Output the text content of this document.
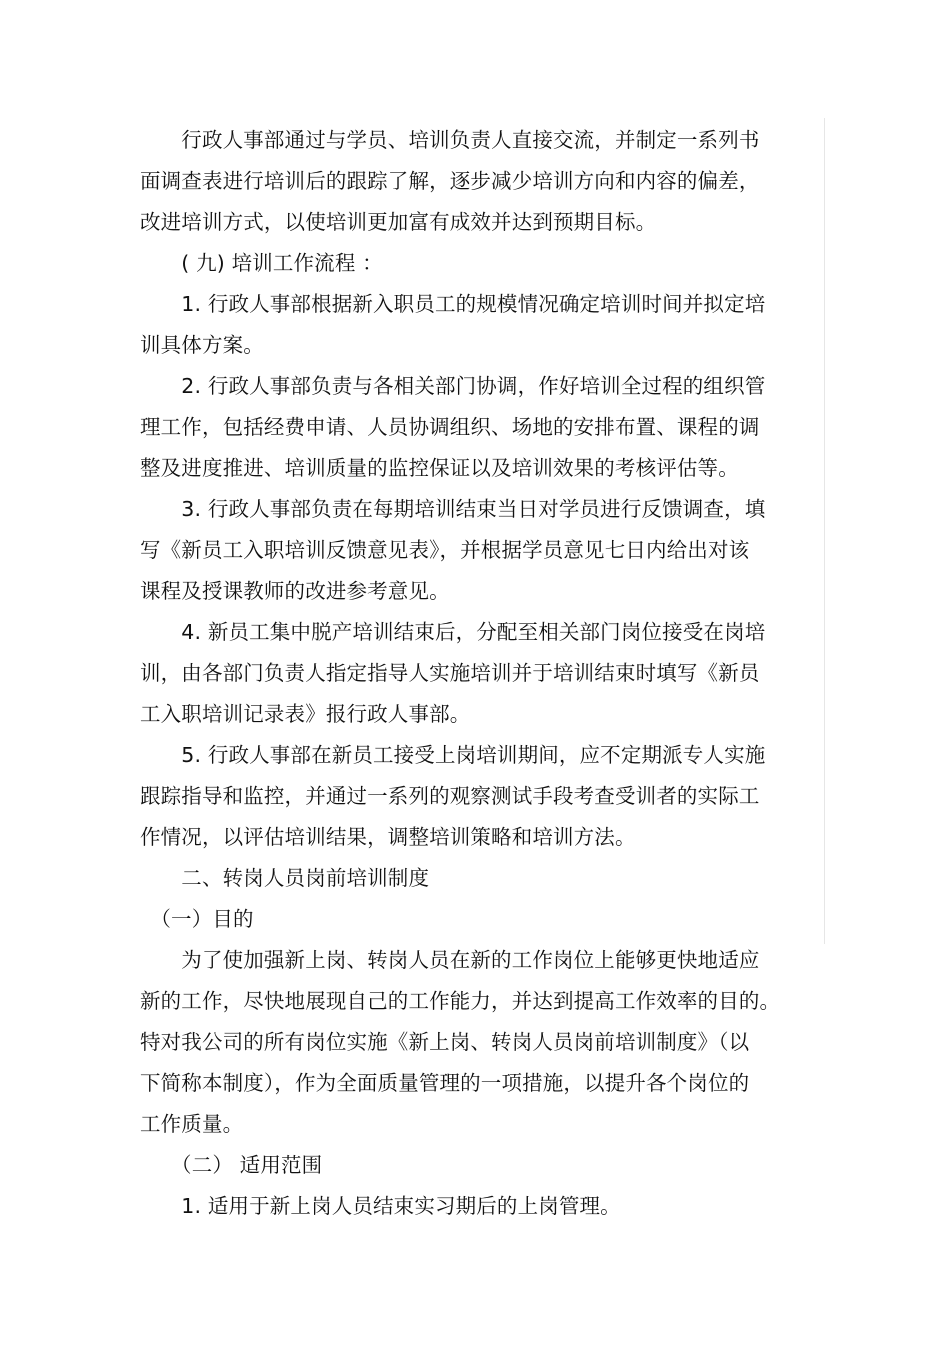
　　行政人事部通过与学员、培训负责人直接交流，并制定一系列书
面调查表进行培训后的跟踪了解，逐步减少培训方向和内容的偏差，
改进培训方式，以使培训更加富有成效并达到预期目标。
　　( 九) 培训工作流程 ：
　　1. 行政人事部根据新入职员工的规模情况确定培训时间并拟定培
训具体方案。
　　2. 行政人事部负责与各相关部门协调，作好培训全过程的组织管
理工作，包括经费申请、人员协调组织、场地的安排布置、课程的调
整及进度推进、培训质量的监控保证以及培训效果的考核评估等。
　　3. 行政人事部负责在每期培训结束当日对学员进行反馈调查，填
写《新员工入职培训反馈意见表》，并根据学员意见七日内给出对该
课程及授课教师的改进参考意见。
　　4. 新员工集中脱产培训结束后，分配至相关部门岗位接受在岗培
训，由各部门负责人指定指导人实施培训并于培训结束时填写《新员
工入职培训记录表》报行政人事部。
　　5. 行政人事部在新员工接受上岗培训期间，应不定期派专人实施
跟踪指导和监控，并通过一系列的观察测试手段考查受训者的实际工
作情况，以评估培训结果，调整培训策略和培训方法。
　　二、转岗人员岗前培训制度
　（一）目的
　　为了使加强新上岗、转岗人员在新的工作岗位上能够更快地适应
新的工作，尽快地展现自己的工作能力，并达到提高工作效率的目的。
特对我公司的所有岗位实施《新上岗、转岗人员岗前培训制度》（以
下简称本制度），作为全面质量管理的一项措施，以提升各个岗位的
工作质量。
　　（二） 适用范围
　　1. 适用于新上岗人员结束实习期后的上岗管理。
